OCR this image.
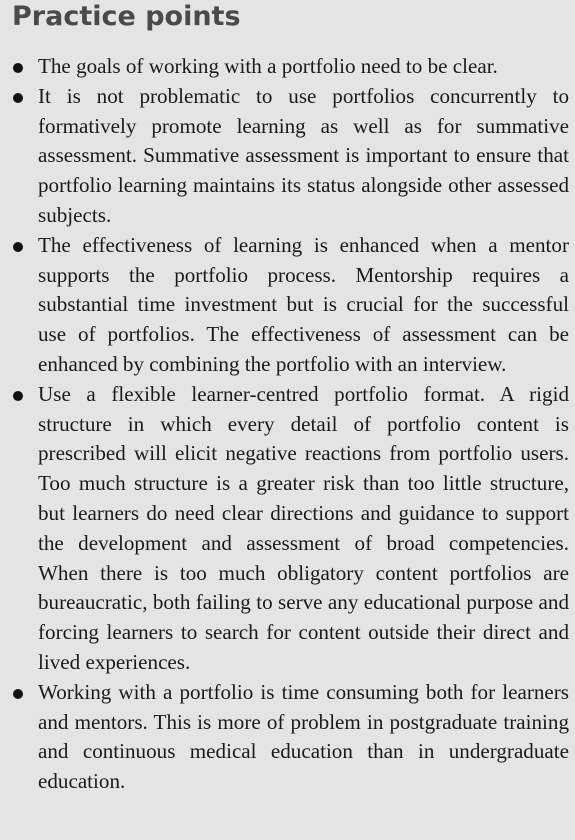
Practice points
The goals of working with a portfolio need to be clear.
It is not problematic to use portfolios concurrently to formatively promote learning as well as for summative assessment. Summative assessment is important to ensure that portfolio learning maintains its status alongside other assessed subjects.
The effectiveness of learning is enhanced when a mentor supports the portfolio process. Mentorship requires a substantial time investment but is crucial for the successful use of portfolios. The effectiveness of assessment can be enhanced by combining the portfolio with an interview.
Use a flexible learner-centred portfolio format. A rigid structure in which every detail of portfolio content is prescribed will elicit negative reactions from portfolio users. Too much structure is a greater risk than too little structure, but learners do need clear directions and guidance to support the development and assessment of broad competencies. When there is too much obligatory content portfolios are bureaucratic, both failing to serve any educational purpose and forcing learners to search for content outside their direct and lived experiences.
Working with a portfolio is time consuming both for learners and mentors. This is more of problem in postgraduate training and continuous medical education than in undergraduate education.
